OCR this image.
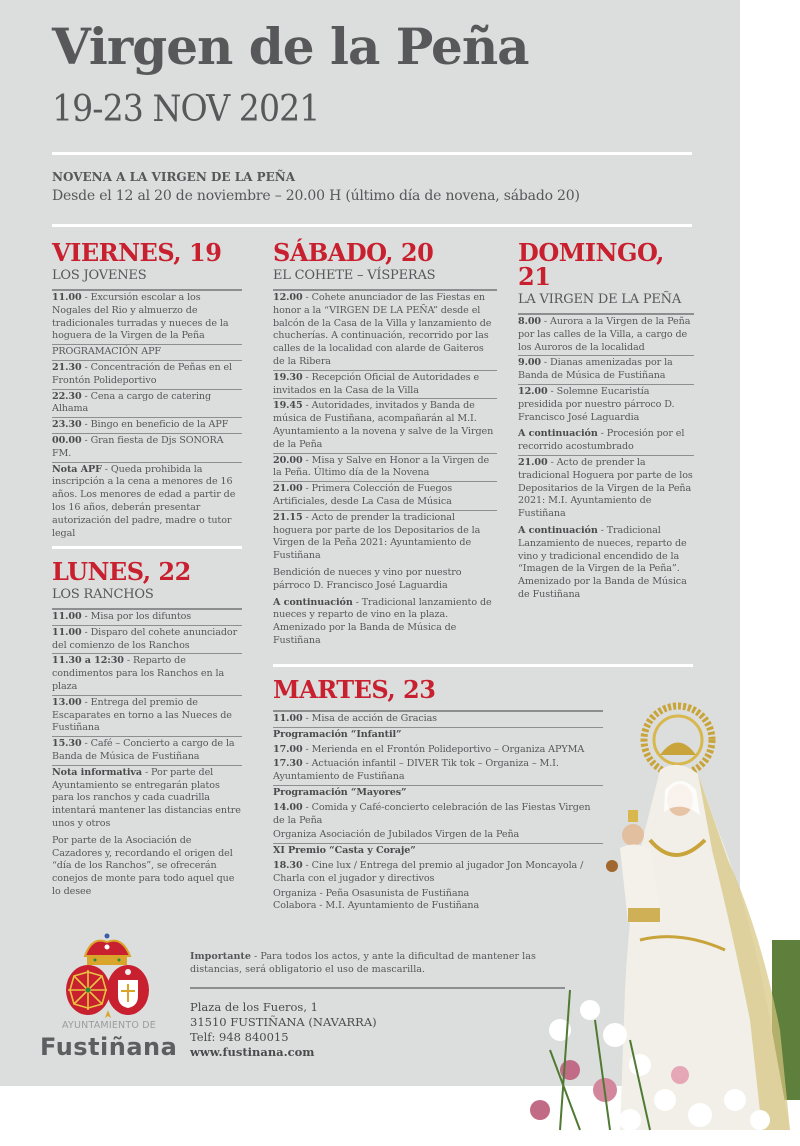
Virgen de la Peña
19-23 NOV 2021
NOVENA A LA VIRGEN DE LA PEÑA
Desde el 12 al 20 de noviembre – 20.00 H (último día de novena, sábado 20)
VIERNES, 19
LOS JOVENES
11.00 - Excursión escolar a los Nogales del Rio y almuerzo de tradicionales turradas y nueces de la hoguera de la Virgen de la Peña
PROGRAMACIÓN APF
21.30 - Concentración de Peñas en el Frontón Polideportivo
22.30 - Cena a cargo de catering Alhama
23.30 - Bingo en beneficio de la APF
00.00 - Gran fiesta de Djs SONORA FM.
Nota APF - Queda prohibida la inscripción a la cena a menores de 16 años. Los menores de edad a partir de los 16 años, deberán presentar autorización del padre, madre o tutor legal
LUNES, 22
LOS RANCHOS
11.00 - Misa por los difuntos
11.00 - Disparo del cohete anunciador del comienzo de los Ranchos
11.30 a 12:30 - Reparto de condimentos para los Ranchos en la plaza
13.00 - Entrega del premio de Escaparates en torno a las Nueces de Fustiñana
15.30 - Café – Concierto a cargo de la Banda de Música de Fustiñana
Nota informativa - Por parte del Ayuntamiento se entregarán platos para los ranchos y cada cuadrilla intentará mantener las distancias entre unos y otros
Por parte de la Asociación de Cazadores y, recordando el origen del “día de los Ranchos”, se ofrecerán conejos de monte para todo aquel que lo desee
SÁBADO, 20
EL COHETE – VÍSPERAS
12.00 - Cohete anunciador de las Fiestas en honor a la “VIRGEN DE LA PEÑA” desde el balcón de la Casa de la Villa y lanzamiento de chucherías. A continuación, recorrido por las calles de la localidad con alarde de Gaiteros de la Ribera
19.30 - Recepción Oficial de Autoridades e invitados en la Casa de la Villa
19.45 - Autoridades, invitados y Banda de música de Fustiñana, acompañarán al M.I. Ayuntamiento a la novena y salve de la Virgen de la Peña
20.00 - Misa y Salve en Honor a la Virgen de la Peña. Último día de la Novena
21.00 - Primera Colección de Fuegos Artificiales, desde La Casa de Música
21.15 - Acto de prender la tradicional hoguera por parte de los Depositarios de la Virgen de la Peña 2021: Ayuntamiento de Fustiñana
Bendición de nueces y vino por nuestro párroco D. Francisco José Laguardia
A continuación - Tradicional lanzamiento de nueces y reparto de vino en la plaza. Amenizado por la Banda de Música de Fustiñana
DOMINGO, 21
LA VIRGEN DE LA PEÑA
8.00 - Aurora a la Virgen de la Peña por las calles de la Villa, a cargo de los Auroros de la localidad
9.00 - Dianas amenizadas por la Banda de Música de Fustiñana
12.00 - Solemne Eucaristía presidida por nuestro párroco D. Francisco José Laguardia
A continuación - Procesión por el recorrido acostumbrado
21.00 - Acto de prender la tradicional Hoguera por parte de los Depositarios de la Virgen de la Peña 2021: M.I. Ayuntamiento de Fustiñana
A continuación - Tradicional Lanzamiento de nueces, reparto de vino y tradicional encendido de la “Imagen de la Virgen de la Peña”. Amenizado por la Banda de Música de Fustiñana
MARTES, 23
11.00 - Misa de acción de Gracias
Programación “Infantil”
17.00 - Merienda en el Frontón Polideportivo – Organiza APYMA
17.30 - Actuación infantil – DIVER Tik tok – Organiza – M.I. Ayuntamiento de Fustiñana
Programación “Mayores”
14.00 - Comida y Café-concierto celebración de las Fiestas Virgen de la Peña
Organiza Asociación de Jubilados Virgen de la Peña
XI Premio “Casta y Coraje”
18.30 - Cine lux / Entrega del premio al jugador Jon Moncayola / Charla con el jugador y directivos
Organiza - Peña Osasunista de Fustiñana
Colabora - M.I. Ayuntamiento de Fustiñana
AYUNTAMIENTO DE
Fustiñana
Importante - Para todos los actos, y ante la dificultad de mantener las distancias, será obligatorio el uso de mascarilla.
Plaza de los Fueros, 1
31510 FUSTIÑANA (NAVARRA)
Telf: 948 840015
www.fustinana.com
